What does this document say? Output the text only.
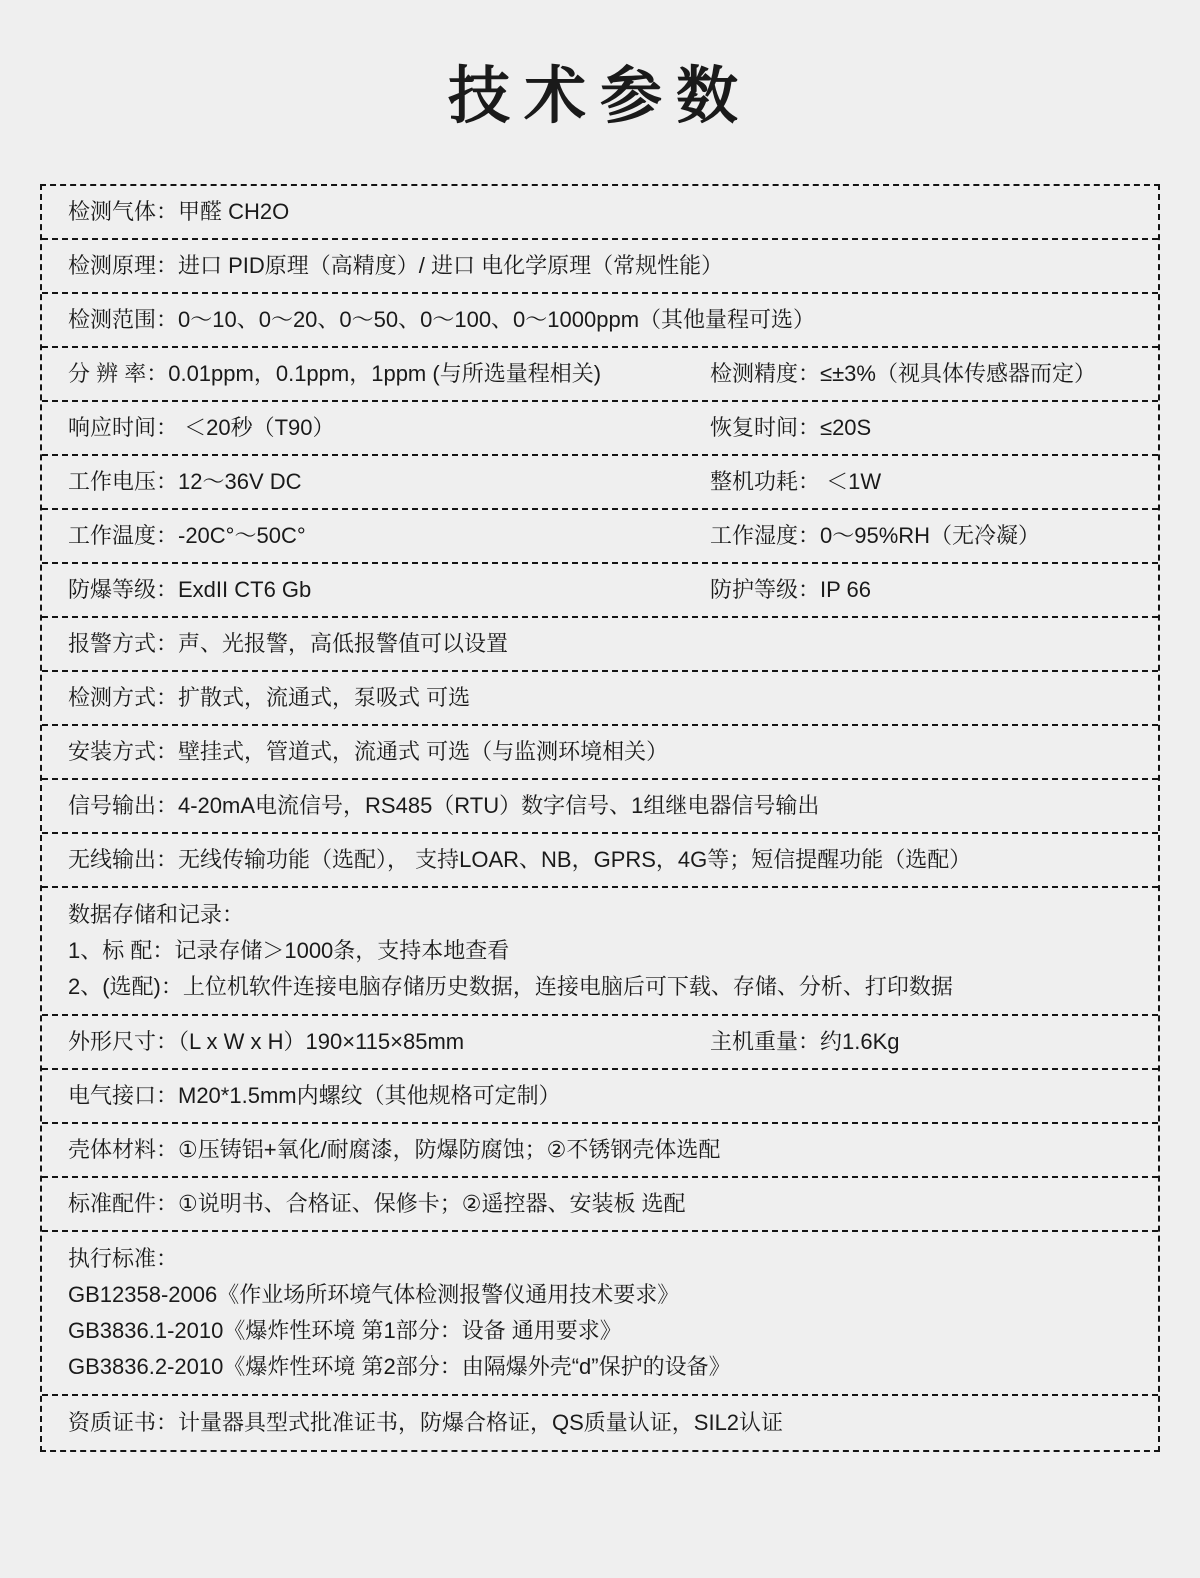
技术参数
检测气体：甲醛 CH2O
检测原理：进口 PID原理（高精度）/ 进口 电化学原理（常规性能）
检测范围：0～10、0～20、0～50、0～100、0～1000ppm（其他量程可选）
分 辨 率：0.01ppm，0.1ppm，1ppm (与所选量程相关)	检测精度：≤±3%（视具体传感器而定）
响应时间： ＜20秒（T90）	恢复时间：≤20S
工作电压：12～36V DC	整机功耗： ＜1W
工作温度：-20C°～50C°	工作湿度：0～95%RH（无冷凝）
防爆等级：ExdII CT6 Gb	防护等级：IP 66
报警方式：声、光报警，高低报警值可以设置
检测方式：扩散式，流通式，泵吸式 可选
安装方式：壁挂式，管道式，流通式 可选（与监测环境相关）
信号输出：4-20mA电流信号，RS485（RTU）数字信号、1组继电器信号输出
无线输出：无线传输功能（选配）， 支持LOAR、NB，GPRS，4G等；短信提醒功能（选配）
数据存储和记录：
1、标 配：记录存储＞1000条，支持本地查看
2、(选配)：上位机软件连接电脑存储历史数据，连接电脑后可下载、存储、分析、打印数据
外形尺寸：（L x W x H）190×115×85mm	主机重量：约1.6Kg
电气接口：M20*1.5mm内螺纹（其他规格可定制）
壳体材料：①压铸铝+氧化/耐腐漆，防爆防腐蚀；②不锈钢壳体选配
标准配件：①说明书、合格证、保修卡；②遥控器、安装板 选配
执行标准：
GB12358-2006《作业场所环境气体检测报警仪通用技术要求》
GB3836.1-2010《爆炸性环境 第1部分：设备 通用要求》
GB3836.2-2010《爆炸性环境 第2部分：由隔爆外壳“d”保护的设备》
资质证书：计量器具型式批准证书，防爆合格证，QS质量认证，SIL2认证
